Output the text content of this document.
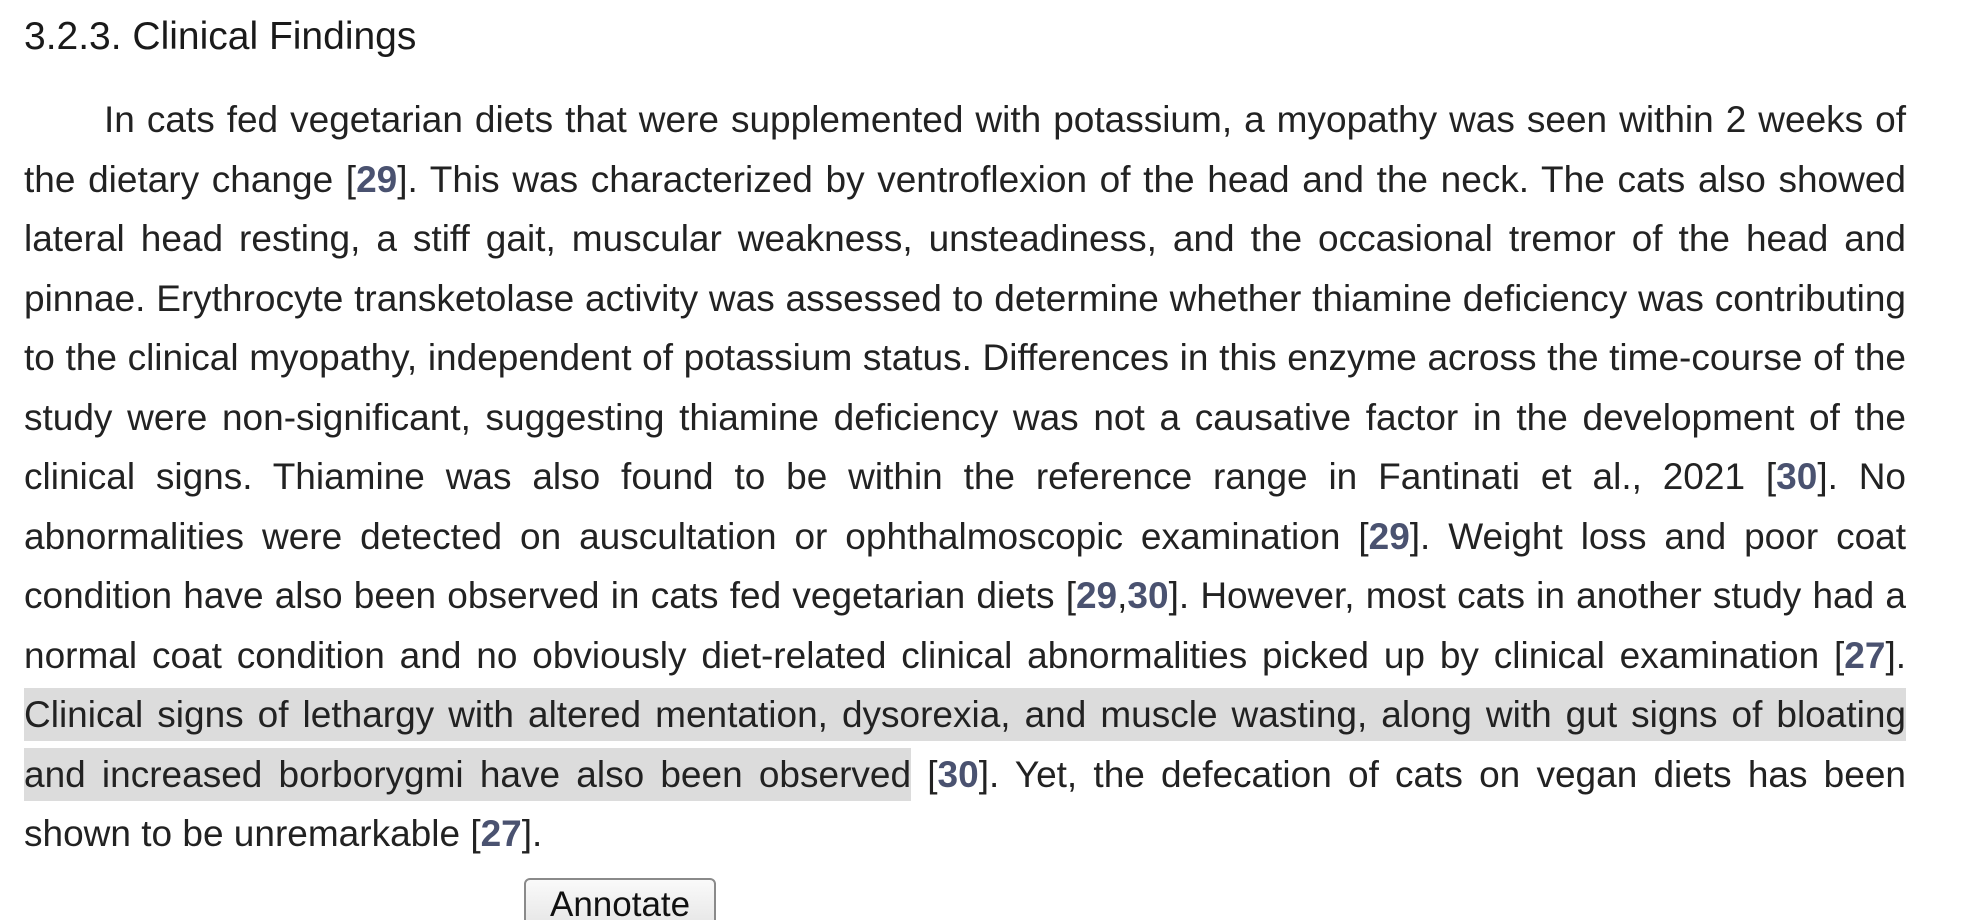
3.2.3. Clinical Findings

In cats fed vegetarian diets that were supplemented with potassium, a myopathy was seen within 2 weeks of the dietary change [29]. This was characterized by ventroflexion of the head and the neck. The cats also showed lateral head resting, a stiff gait, muscular weakness, unsteadiness, and the occasional tremor of the head and pinnae. Erythrocyte transketolase activity was assessed to determine whether thiamine deficiency was contributing to the clinical myopathy, independent of potassium status. Differences in this enzyme across the time-course of the study were non-significant, suggesting thiamine deficiency was not a causative factor in the development of the clinical signs. Thiamine was also found to be within the reference range in Fantinati et al., 2021 [30]. No abnormalities were detected on auscultation or ophthalmoscopic examination [29]. Weight loss and poor coat condition have also been observed in cats fed vegetarian diets [29,30]. However, most cats in another study had a normal coat condition and no obviously diet-related clinical abnormalities picked up by clinical examination [27]. Clinical signs of lethargy with altered mentation, dysorexia, and muscle wasting, along with gut signs of bloating and increased borborygmi have also been observed [30]. Yet, the defecation of cats on vegan diets has been shown to be unremarkable [27].

Annotate
